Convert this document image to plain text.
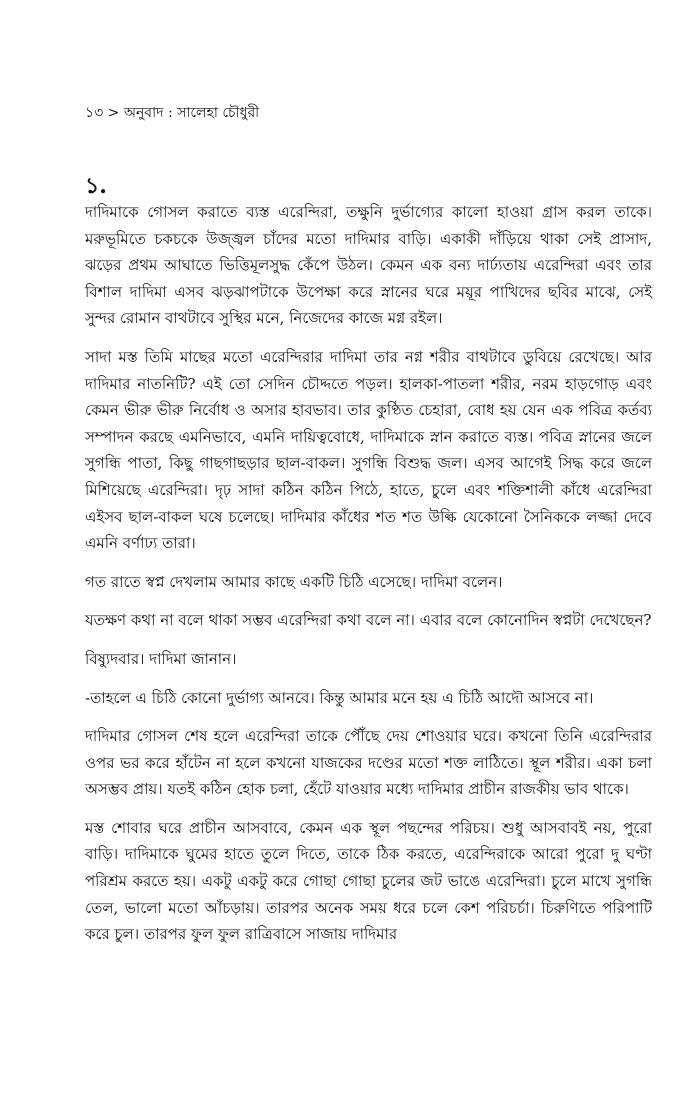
১৩ > অনুবাদ : সালেহা চৌধুরী
১.

দাদিমাকে গোসল করাতে ব্যস্ত এরেন্দিরা, তক্ষুনি দুর্ভাগ্যের কালো হাওয়া গ্রাস করল তাকে। মরুভূমিতে চকচকে উজ্জ্বল চাঁদের মতো দাদিমার বাড়ি। একাকী দাঁড়িয়ে থাকা সেই প্রাসাদ, ঝড়ের প্রথম আঘাতে ভিত্তিমূলসুদ্ধ কেঁপে উঠল। কেমন এক বন্য দার্ঢ্যতায় এরেন্দিরা এবং তার বিশাল দাদিমা এসব ঝড়ঝাপটাকে উপেক্ষা করে স্নানের ঘরে ময়ূর পাখিদের ছবির মাঝে, সেই সুন্দর রোমান বাথটাবে সুস্থির মনে, নিজেদের কাজে মগ্ন রইল।

সাদা মস্ত তিমি মাছের মতো এরেন্দিরার দাদিমা তার নগ্ন শরীর বাথটাবে ডুবিয়ে রেখেছে। আর দাদিমার নাতনিটি? এই তো সেদিন চৌদ্দতে পড়ল। হালকা-পাতলা শরীর, নরম হাড়গোড় এবং কেমন ভীরু ভীরু নির্বোধ ও অসার হাবভাব। তার কুণ্ঠিত চেহারা, বোধ হয় যেন এক পবিত্র কর্তব্য সম্পাদন করছে এমনিভাবে, এমনি দায়িত্ববোধে, দাদিমাকে স্নান করাতে ব্যস্ত। পবিত্র স্নানের জলে সুগন্ধি পাতা, কিছু গাছগাছড়ার ছাল-বাকল। সুগন্ধি বিশুদ্ধ জল। এসব আগেই সিদ্ধ করে জলে মিশিয়েছে এরেন্দিরা। দৃঢ় সাদা কঠিন কঠিন পিঠে, হাতে, চুলে এবং শক্তিশালী কাঁধে এরেন্দিরা এইসব ছাল-বাকল ঘষে চলেছে। দাদিমার কাঁধের শত শত উল্কি যেকোনো সৈনিককে লজ্জা দেবে এমনি বর্ণাঢ্য তারা।

গত রাতে স্বপ্ন দেখলাম আমার কাছে একটি চিঠি এসেছে। দাদিমা বলেন।

যতক্ষণ কথা না বলে থাকা সম্ভব এরেন্দিরা কথা বলে না। এবার বলে কোনোদিন স্বপ্নটা দেখেছেন?

বিষ্যুদবার। দাদিমা জানান।

-তাহলে এ চিঠি কোনো দুর্ভাগ্য আনবে। কিন্তু আমার মনে হয় এ চিঠি আদৌ আসবে না।

দাদিমার গোসল শেষ হলে এরেন্দিরা তাকে পৌঁছে দেয় শোওয়ার ঘরে। কখনো তিনি এরেন্দিরার ওপর ভর করে হাঁটেন না হলে কখনো যাজকের দণ্ডের মতো শক্ত লাঠিতে। স্থূল শরীর। একা চলা অসম্ভব প্রায়। যতই কঠিন হোক চলা, হেঁটে যাওয়ার মধ্যে দাদিমার প্রাচীন রাজকীয় ভাব থাকে।

মস্ত শোবার ঘরে প্রাচীন আসবাবে, কেমন এক স্থূল পছন্দের পরিচয়। শুধু আসবাবই নয়, পুরো বাড়ি। দাদিমাকে ঘুমের হাতে তুলে দিতে, তাকে ঠিক করতে, এরেন্দিরাকে আরো পুরো দু ঘণ্টা পরিশ্রম করতে হয়। একটু একটু করে গোছা গোছা চুলের জট ভাঙে এরেন্দিরা। চুলে মাখে সুগন্ধি তেল, ভালো মতো আঁচড়ায়। তারপর অনেক সময় ধরে চলে কেশ পরিচর্চা। চিরুণিতে পরিপাটি করে চুল। তারপর ফুল ফুল রাত্রিবাসে সাজায় দাদিমার
